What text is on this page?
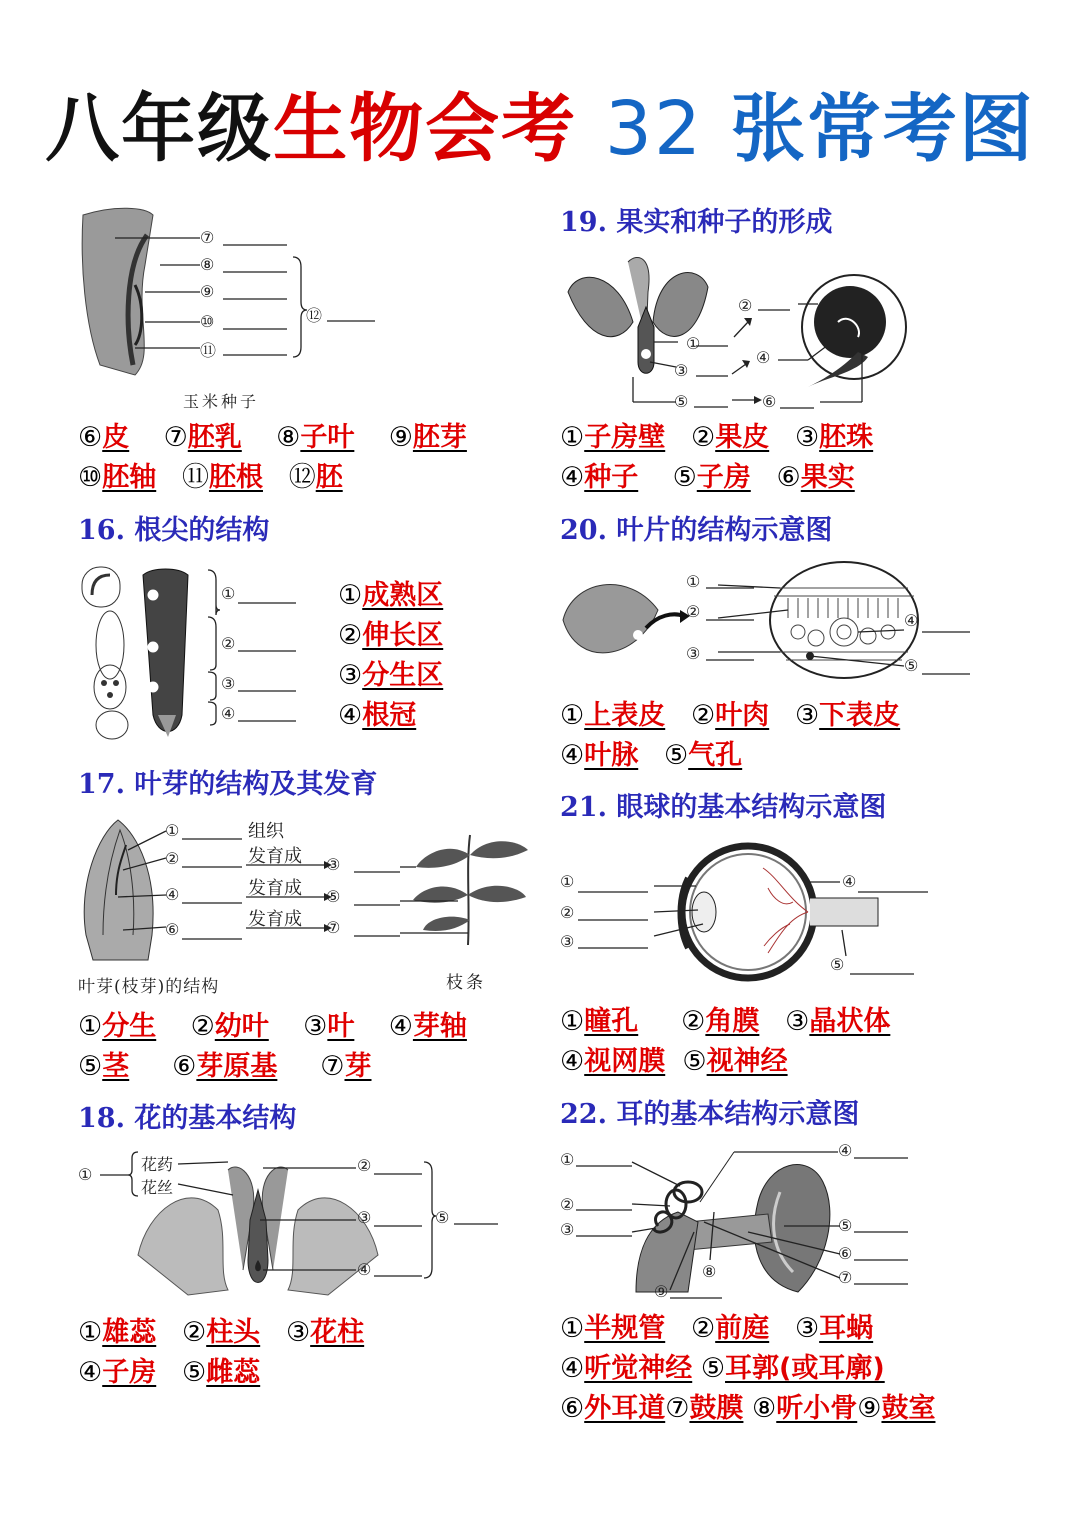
八年级生物会考 32 张常考图
⑦
⑧
⑨
⑩
⑪
⑫
玉米种子
⑥皮 ⑦胚乳 ⑧子叶 ⑨胚芽
⑩胚轴 ⑪胚根 ⑫胚
16. 根尖的结构
①
②
③
④
①成熟区
②伸长区
③分生区
④根冠
17. 叶芽的结构及其发育
①
②	③
④	⑤
⑥	⑦
组织
发育成
发育成
发育成
叶芽(枝芽)的结构	枝条
①分生 ②幼叶 ③叶 ④芽轴
⑤茎 ⑥芽原基 ⑦芽
18. 花的基本结构
①
花药
花丝
②
③
④
⑤
①雄蕊 ②柱头 ③花柱
④子房 ⑤雌蕊
19. 果实和种子的形成
②
①
③
④
⑤	⑥
①子房壁 ②果皮 ③胚珠
④种子 ⑤子房 ⑥果实
20. 叶片的结构示意图
①
②
③
④
⑤
①上表皮 ②叶肉 ③下表皮
④叶脉 ⑤气孔
21. 眼球的基本结构示意图
①
②
③
④
⑤
①瞳孔 ②角膜 ③晶状体
④视网膜 ⑤视神经
22. 耳的基本结构示意图
①
②
③
④
⑤
⑥
⑦
⑧
⑨
①半规管 ②前庭 ③耳蜗
④听觉神经 ⑤耳郭(或耳廓)
⑥外耳道⑦鼓膜 ⑧听小骨⑨鼓室
